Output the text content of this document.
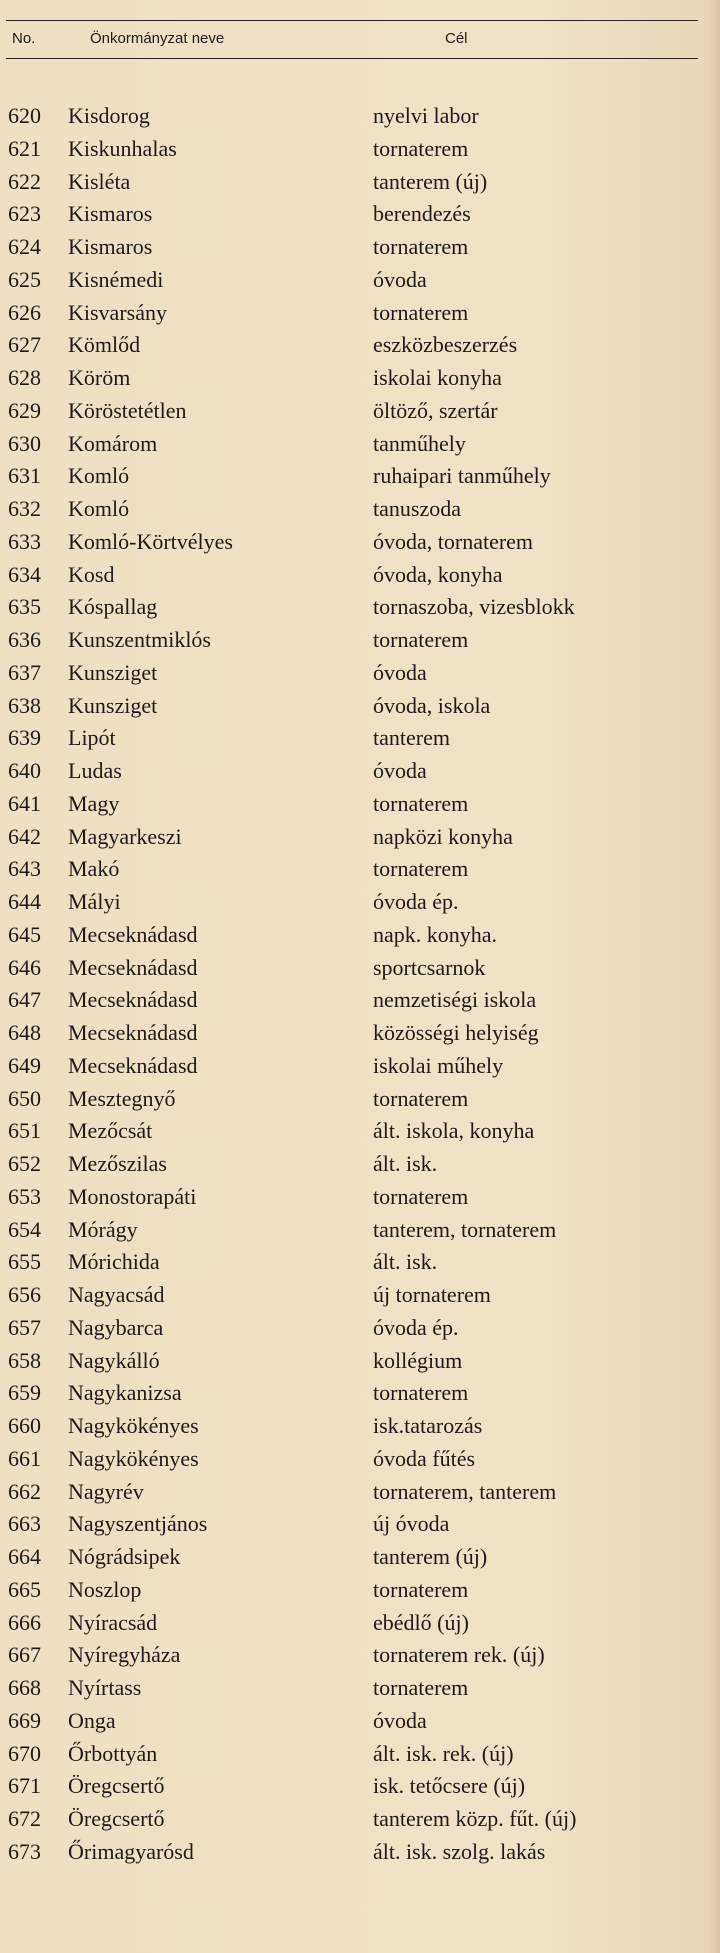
No.	Önkormányzat neve	Cél
620 Kisdorog	nyelvi labor
621 Kiskunhalas	tornaterem
622 Kisléta	tanterem (új)
623 Kismaros	berendezés
624 Kismaros	tornaterem
625 Kisnémedi	óvoda
626 Kisvarsány	tornaterem
627 Kömlőd	eszközbeszerzés
628 Köröm	iskolai konyha
629 Köröstetétlen	öltöző, szertár
630 Komárom	tanműhely
631 Komló	ruhaipari tanműhely
632 Komló	tanuszoda
633 Komló-Körtvélyes	óvoda, tornaterem
634 Kosd	óvoda, konyha
635 Kóspallag	tornaszoba, vizesblokk
636 Kunszentmiklós	tornaterem
637 Kunsziget	óvoda
638 Kunsziget	óvoda, iskola
639 Lipót	tanterem
640 Ludas	óvoda
641 Magy	tornaterem
642 Magyarkeszi	napközi konyha
643 Makó	tornaterem
644 Mályi	óvoda ép.
645 Mecseknádasd	napk. konyha.
646 Mecseknádasd	sportcsarnok
647 Mecseknádasd	nemzetiségi iskola
648 Mecseknádasd	közösségi helyiség
649 Mecseknádasd	iskolai műhely
650 Mesztegnyő	tornaterem
651 Mezőcsát	ált. iskola, konyha
652 Mezőszilas	ált. isk.
653 Monostorapáti	tornaterem
654 Mórágy	tanterem, tornaterem
655 Mórichida	ált. isk.
656 Nagyacsád	új tornaterem
657 Nagybarca	óvoda ép.
658 Nagykálló	kollégium
659 Nagykanizsa	tornaterem
660 Nagykökényes	isk.tatarozás
661 Nagykökényes	óvoda fűtés
662 Nagyrév	tornaterem, tanterem
663 Nagyszentjános	új óvoda
664 Nógrádsipek	tanterem (új)
665 Noszlop	tornaterem
666 Nyíracsád	ebédlő (új)
667 Nyíregyháza	tornaterem rek. (új)
668 Nyírtass	tornaterem
669 Onga	óvoda
670 Őrbottyán	ált. isk. rek. (új)
671 Öregcsertő	isk. tetőcsere (új)
672 Öregcsertő	tanterem közp. fűt. (új)
673 Őrimagyarósd	ált. isk. szolg. lakás
